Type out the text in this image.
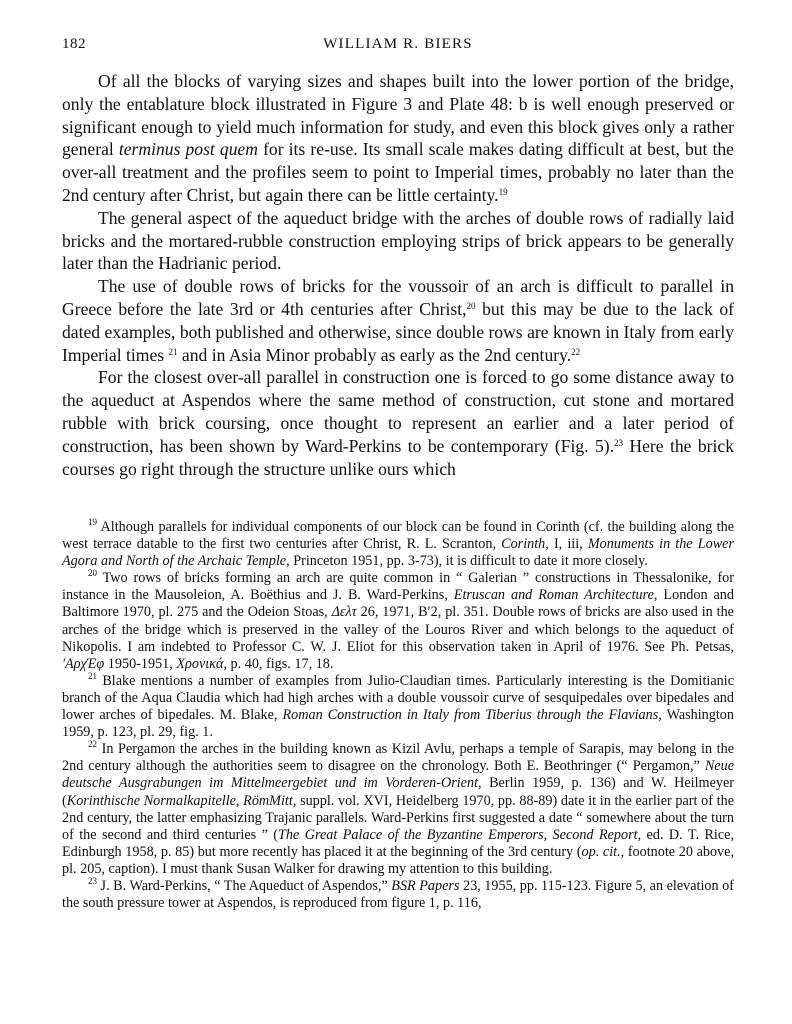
182	WILLIAM R. BIERS

Of all the blocks of varying sizes and shapes built into the lower portion of the bridge, only the entablature block illustrated in Figure 3 and Plate 48: b is well enough preserved or significant enough to yield much information for study, and even this block gives only a rather general terminus post quem for its re-use. Its small scale makes dating difficult at best, but the over-all treatment and the profiles seem to point to Imperial times, probably no later than the 2nd century after Christ, but again there can be little certainty.$^{19}$

The general aspect of the aqueduct bridge with the arches of double rows of radially laid bricks and the mortared-rubble construction employing strips of brick appears to be generally later than the Hadrianic period.

The use of double rows of bricks for the voussoir of an arch is difficult to parallel in Greece before the late 3rd or 4th centuries after Christ,$^{20}$ but this may be due to the lack of dated examples, both published and otherwise, since double rows are known in Italy from early Imperial times $^{21}$ and in Asia Minor probably as early as the 2nd century.$^{22}$

For the closest over-all parallel in construction one is forced to go some distance away to the aqueduct at Aspendos where the same method of construction, cut stone and mortared rubble with brick coursing, once thought to represent an earlier and a later period of construction, has been shown by Ward-Perkins to be contemporary (Fig. 5).$^{23}$ Here the brick courses go right through the structure unlike ours which

$^{19}$ Although parallels for individual components of our block can be found in Corinth (cf. the building along the west terrace datable to the first two centuries after Christ, R. L. Scranton, Corinth, I, iii, Monuments in the Lower Agora and North of the Archaic Temple, Princeton 1951, pp. 3-73), it is difficult to date it more closely.

$^{20}$ Two rows of bricks forming an arch are quite common in “ Galerian ” constructions in Thessalonike, for instance in the Mausoleion, A. Boëthius and J. B. Ward-Perkins, Etruscan and Roman Architecture, London and Baltimore 1970, pl. 275 and the Odeion Stoas, Δελτ 26, 1971, B′2, pl. 351. Double rows of bricks are also used in the arches of the bridge which is preserved in the valley of the Louros River and which belongs to the aqueduct of Nikopolis. I am indebted to Professor C. W. J. Eliot for this observation taken in April of 1976. See Ph. Petsas, 'ΑρχΈφ 1950-1951, Χρονικά, p. 40, figs. 17, 18.

$^{21}$ Blake mentions a number of examples from Julio-Claudian times. Particularly interesting is the Domitianic branch of the Aqua Claudia which had high arches with a double voussoir curve of sesquipedales over bipedales and lower arches of bipedales. M. Blake, Roman Construction in Italy from Tiberius through the Flavians, Washington 1959, p. 123, pl. 29, fig. 1.

$^{22}$ In Pergamon the arches in the building known as Kizil Avlu, perhaps a temple of Sarapis, may belong in the 2nd century although the authorities seem to disagree on the chronology. Both E. Beothringer (“ Pergamon,” Neue deutsche Ausgrabungen im Mittelmeergebiet und im Vorderen-Orient, Berlin 1959, p. 136) and W. Heilmeyer (Korinthische Normalkapitelle, RömMitt, suppl. vol. XVI, Heidelberg 1970, pp. 88-89) date it in the earlier part of the 2nd century, the latter emphasizing Trajanic parallels. Ward-Perkins first suggested a date “ somewhere about the turn of the second and third centuries ” (The Great Palace of the Byzantine Emperors, Second Report, ed. D. T. Rice, Edinburgh 1958, p. 85) but more recently has placed it at the beginning of the 3rd century (op. cit., footnote 20 above, pl. 205, caption). I must thank Susan Walker for drawing my attention to this building.

$^{23}$ J. B. Ward-Perkins, “ The Aqueduct of Aspendos,” BSR Papers 23, 1955, pp. 115-123. Figure 5, an elevation of the south pressure tower at Aspendos, is reproduced from figure 1, p. 116,
